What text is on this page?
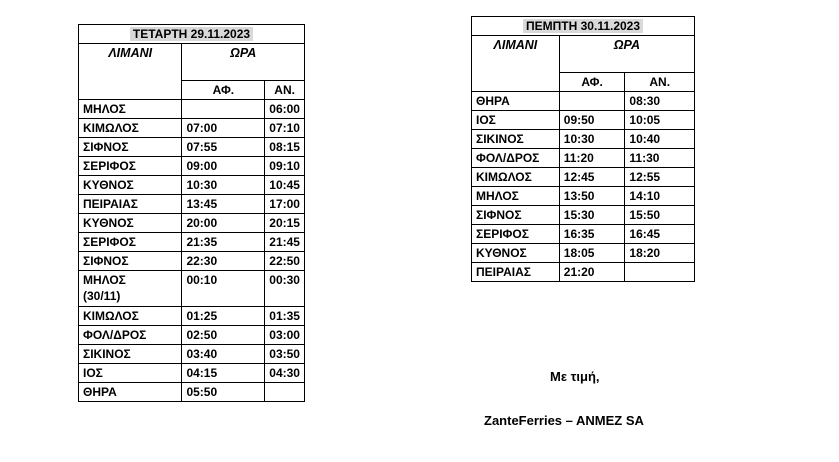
ΤΕΤΑΡΤΗ 29.11.2023		
ΛΙΜΑΝΙ	ΩΡΑ	
	ΑΦ.	ΑΝ.
ΜΗΛΟΣ		06:00
ΚΙΜΩΛΟΣ	07:00	07:10
ΣΙΦΝΟΣ	07:55	08:15
ΣΕΡΙΦΟΣ	09:00	09:10
ΚΥΘΝΟΣ	10:30	10:45
ΠΕΙΡΑΙΑΣ	13:45	17:00
ΚΥΘΝΟΣ	20:00	20:15
ΣΕΡΙΦΟΣ	21:35	21:45
ΣΙΦΝΟΣ	22:30	22:50

ΜΗΛΟΣ
(30/11)	00:10	00:30
ΚΙΜΩΛΟΣ	01:25	01:35
ΦΟΛ/ΔΡΟΣ	02:50	03:00
ΣΙΚΙΝΟΣ	03:40	03:50
ΙΟΣ	04:15	04:30
ΘΗΡΑ	05:50	
ΠΕΜΠΤΗ 30.11.2023		
ΛΙΜΑΝΙ	ΩΡΑ	
	ΑΦ.	ΑΝ.
ΘΗΡΑ		08:30
ΙΟΣ	09:50	10:05
ΣΙΚΙΝΟΣ	10:30	10:40
ΦΟΛ/ΔΡΟΣ	11:20	11:30
ΚΙΜΩΛΟΣ	12:45	12:55
ΜΗΛΟΣ	13:50	14:10
ΣΙΦΝΟΣ	15:30	15:50
ΣΕΡΙΦΟΣ	16:35	16:45
ΚΥΘΝΟΣ	18:05	18:20
ΠΕΙΡΑΙΑΣ	21:20	
Με τιμή,
ZanteFerries – ANMEZ SA
